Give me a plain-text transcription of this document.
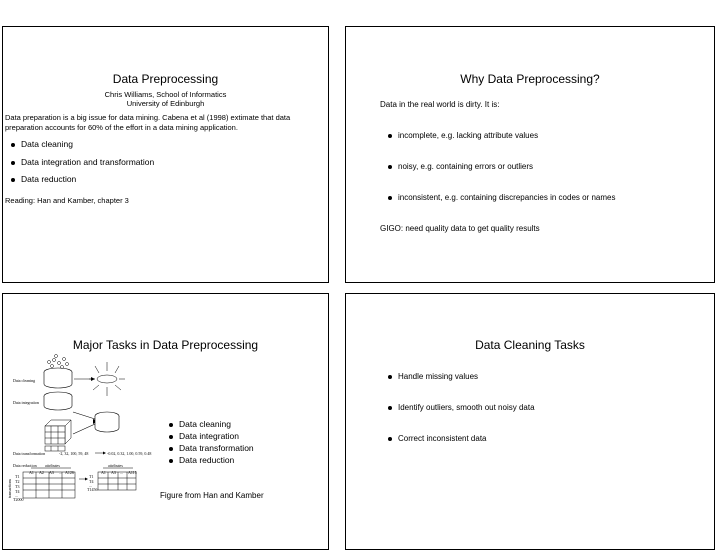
Data Preprocessing
Chris Williams, School of Informatics
University of Edinburgh
Data preparation is a big issue for data mining. Cabena et al (1998) extimate that data preparation accounts for 60% of the effort in a data mining application.
Data cleaning
Data integration and transformation
Data reduction
Reading: Han and Kamber, chapter 3
Why Data Preprocessing?
Data in the real world is dirty. It is:
incomplete, e.g. lacking attribute values
noisy, e.g. containing errors or outliers
inconsistent, e.g. containing discrepancies in codes or names
GIGO: need quality data to get quality results
Major Tasks in Data Preprocessing
Data cleaning
Data integration
Data transformation	-2, 32, 100, 59, 48	-0.02, 0.32, 1.00, 0.59, 0.48
Data reduction attributes	attributes
transactions
A1 A2 A3 ... A126	A1 A3 ... A115
T1
T2
T3
T4
...
T2000
T1
T4
...
T1456
Data cleaning
Data integration
Data transformation
Data reduction
Figure from Han and Kamber
Data Cleaning Tasks
Handle missing values
Identify outliers, smooth out noisy data
Correct inconsistent data
